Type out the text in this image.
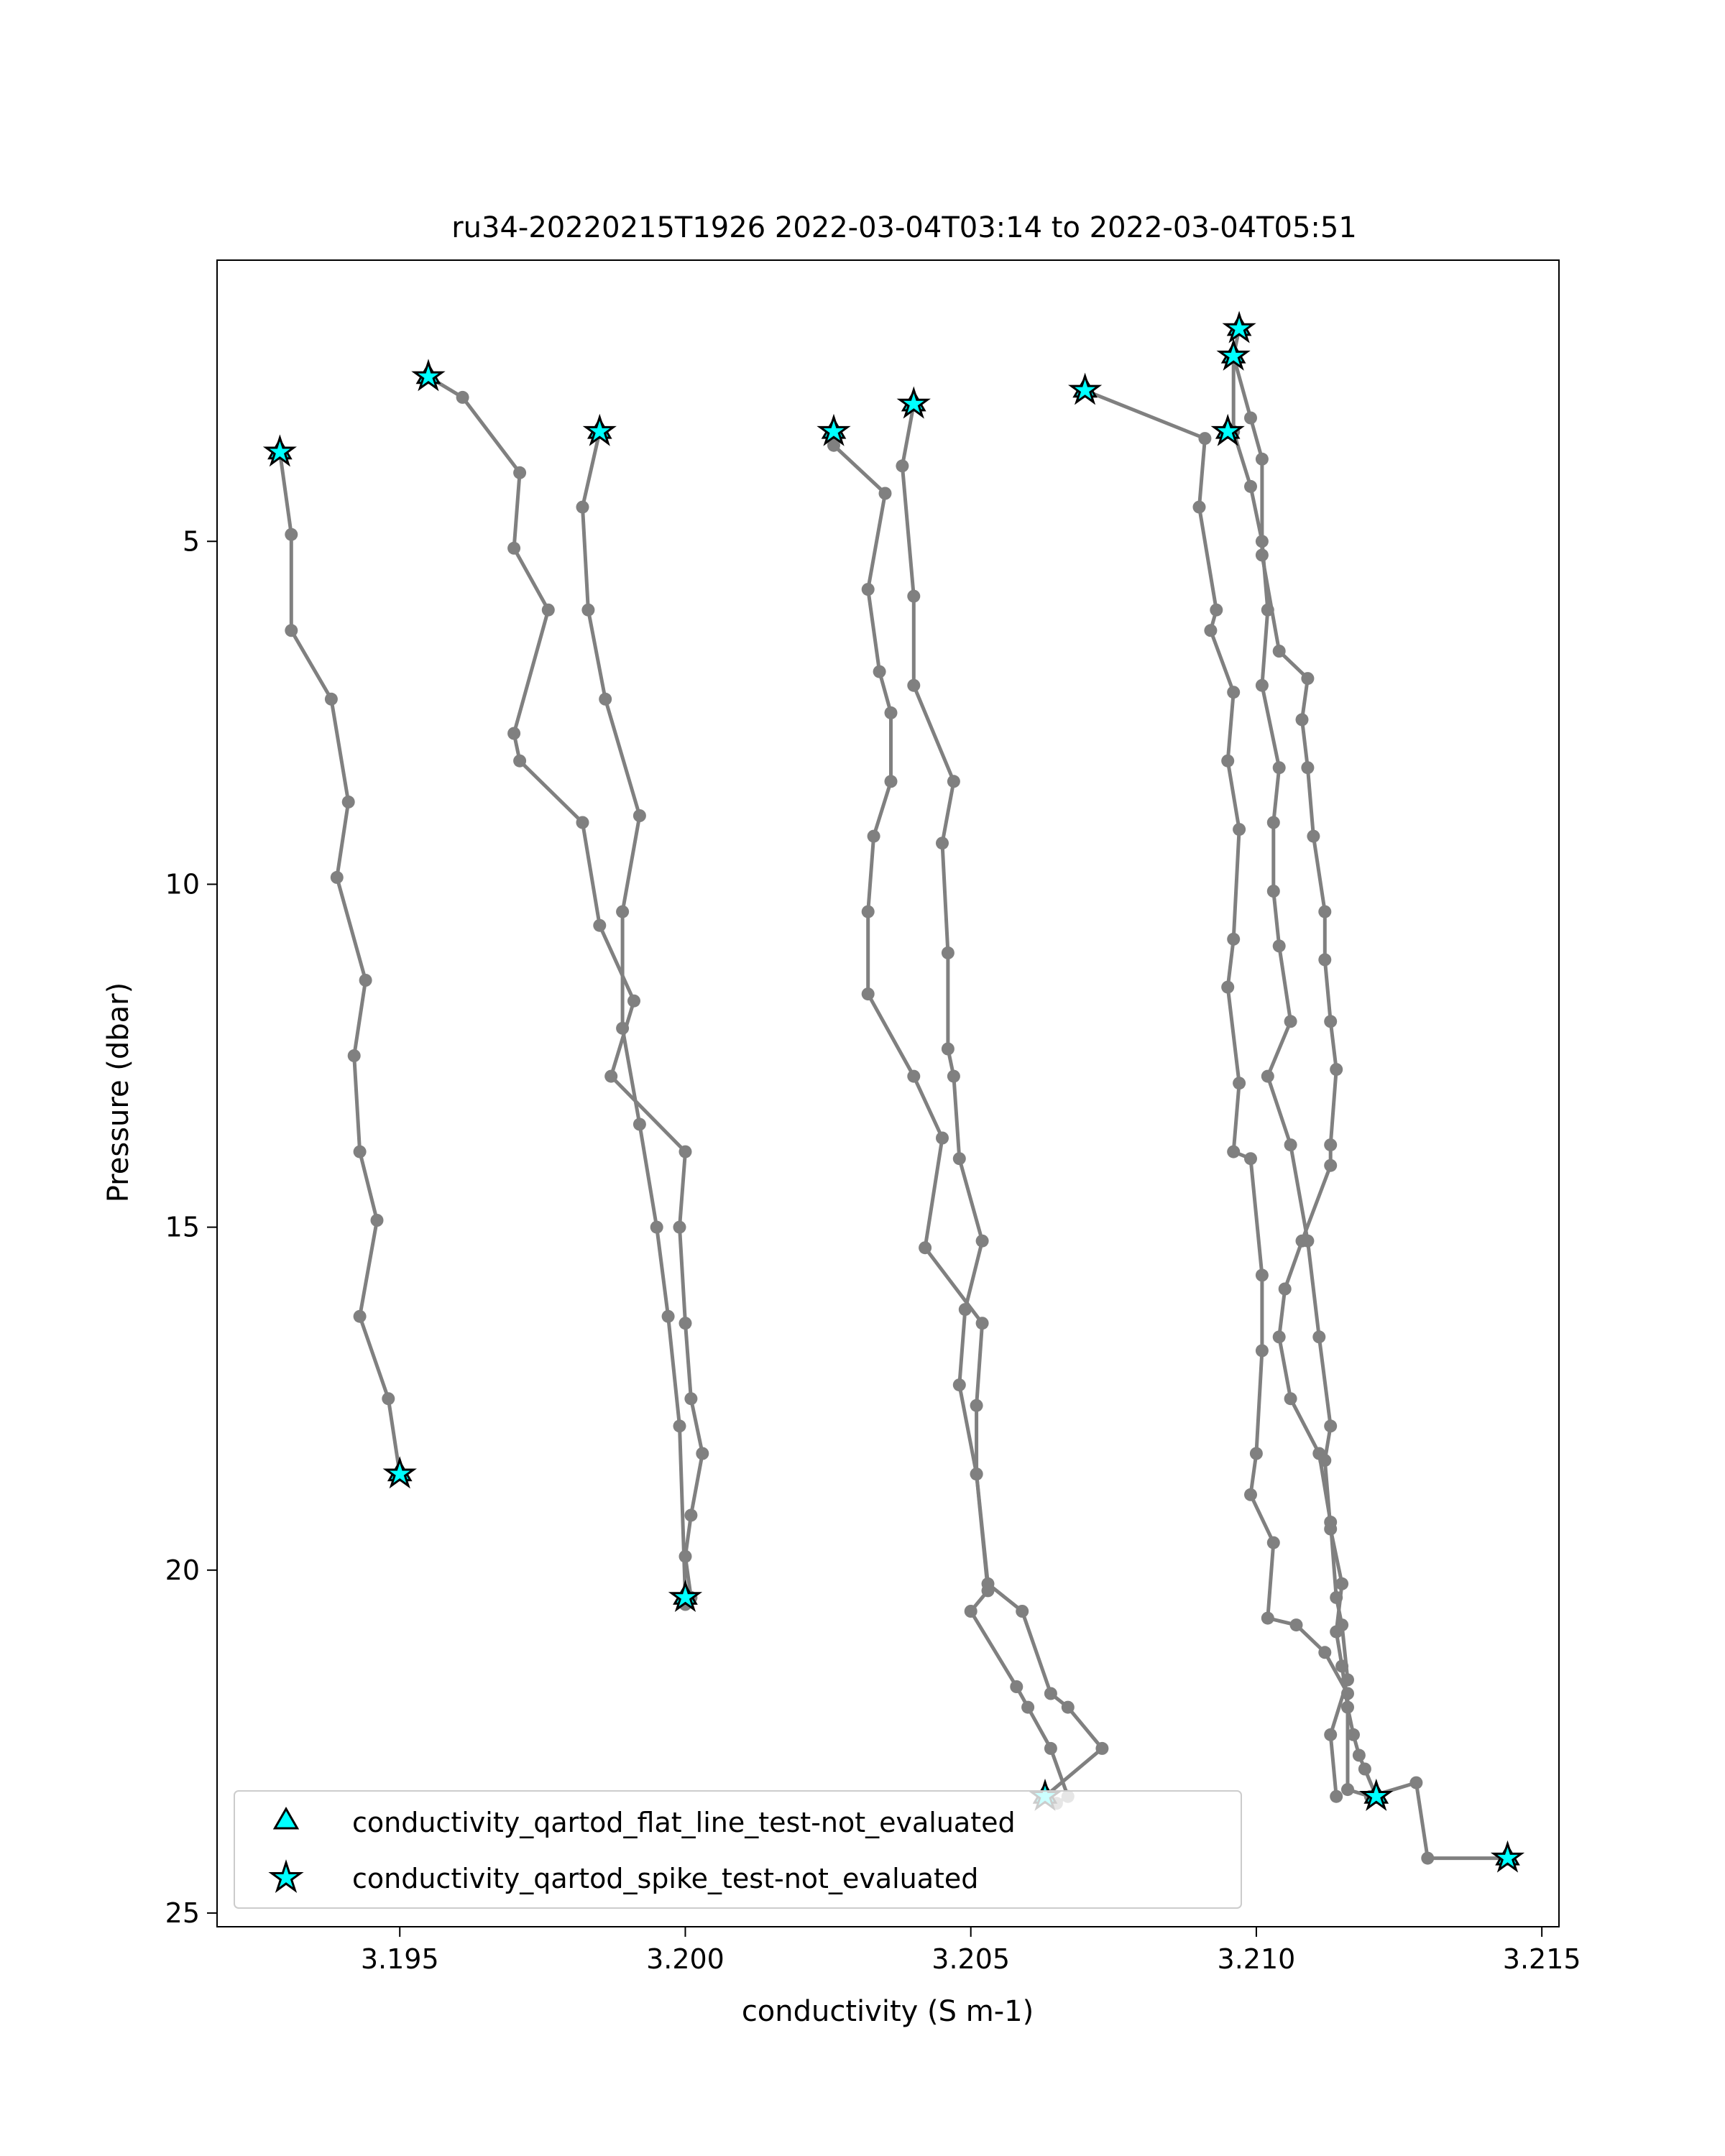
ru34-20220215T1926 2022-03-04T03:14 to 2022-03-04T05:51
3.195	3.200	3.205	3.210	3.215
5
10
15
20
25
conductivity (S m-1)
Pressure (dbar)
conductivity_qartod_flat_line_test-not_evaluated
conductivity_qartod_spike_test-not_evaluated
